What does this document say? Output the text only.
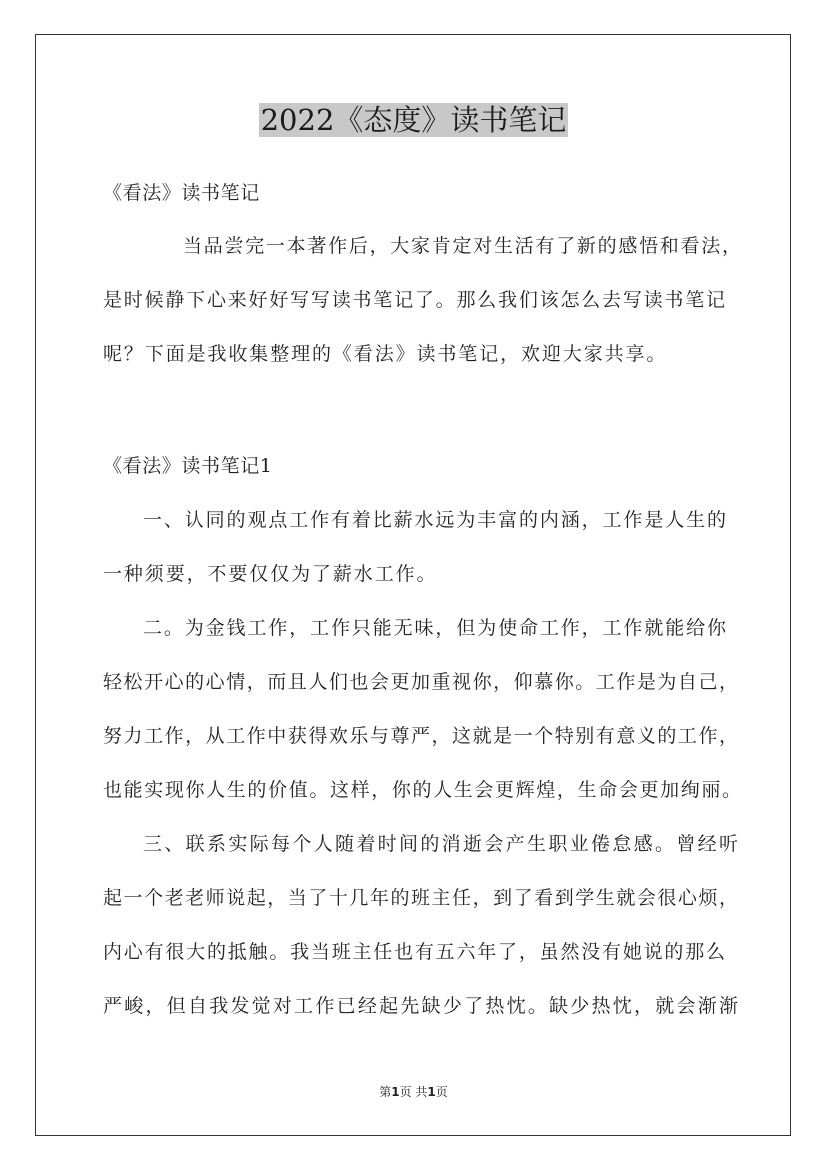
2022《态度》读书笔记
《看法》读书笔记
当品尝完一本著作后，大家肯定对生活有了新的感悟和看法，
是时候静下心来好好写写读书笔记了。那么我们该怎么去写读书笔记
呢？下面是我收集整理的《看法》读书笔记，欢迎大家共享。
《看法》读书笔记1
一、认同的观点工作有着比薪水远为丰富的内涵，工作是人生的
一种须要，不要仅仅为了薪水工作。
二。为金钱工作，工作只能无味，但为使命工作，工作就能给你
轻松开心的心情，而且人们也会更加重视你，仰慕你。工作是为自己，
努力工作，从工作中获得欢乐与尊严，这就是一个特别有意义的工作，
也能实现你人生的价值。这样，你的人生会更辉煌，生命会更加绚丽。
三、联系实际每个人随着时间的消逝会产生职业倦怠感。曾经听
起一个老老师说起，当了十几年的班主任，到了看到学生就会很心烦，
内心有很大的抵触。我当班主任也有五六年了，虽然没有她说的那么
严峻，但自我发觉对工作已经起先缺少了热忱。缺少热忱，就会渐渐
第1页 共1页
